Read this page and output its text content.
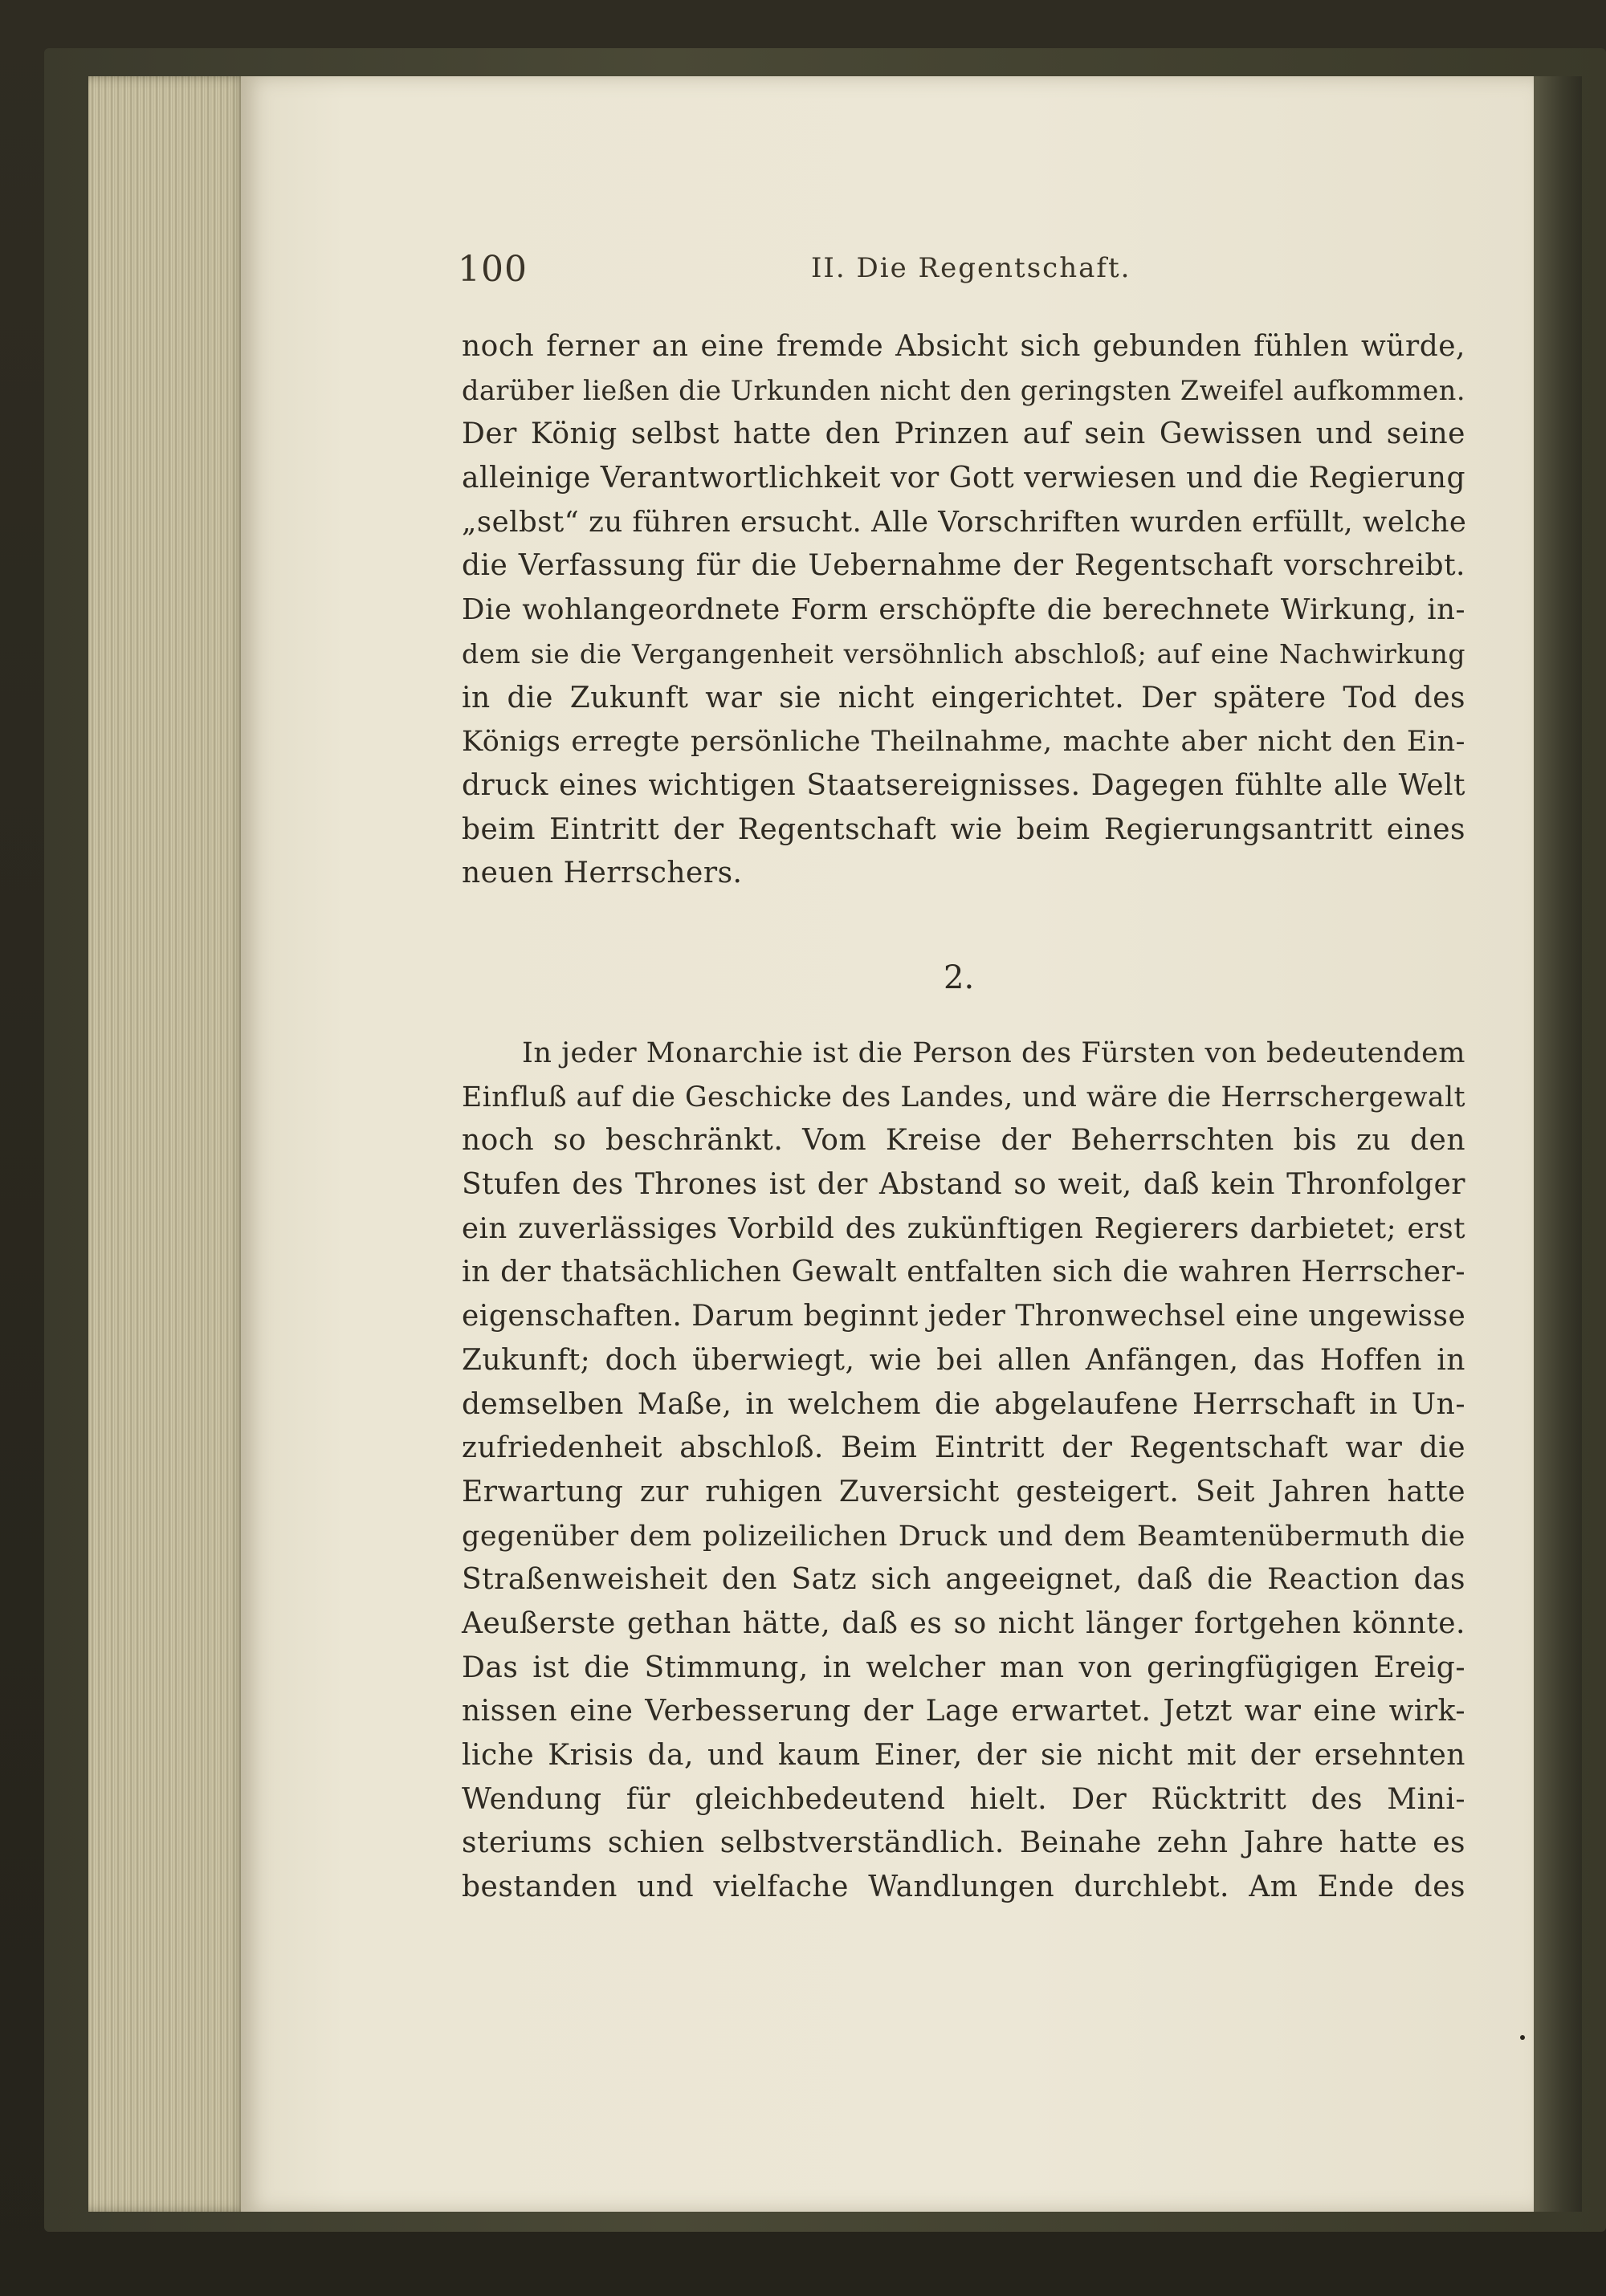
100	II. Die Regentschaft.
noch ferner an eine fremde Absicht sich gebunden fühlen würde,
darüber ließen die Urkunden nicht den geringsten Zweifel aufkommen.
Der König selbst hatte den Prinzen auf sein Gewissen und seine
alleinige Verantwortlichkeit vor Gott verwiesen und die Regierung
„selbst“ zu führen ersucht. Alle Vorschriften wurden erfüllt, welche
die Verfassung für die Uebernahme der Regentschaft vorschreibt.
Die wohlangeordnete Form erschöpfte die berechnete Wirkung, in-
dem sie die Vergangenheit versöhnlich abschloß; auf eine Nachwirkung
in die Zukunft war sie nicht eingerichtet. Der spätere Tod des
Königs erregte persönliche Theilnahme, machte aber nicht den Ein-
druck eines wichtigen Staatsereignisses. Dagegen fühlte alle Welt
beim Eintritt der Regentschaft wie beim Regierungsantritt eines
neuen Herrschers.
2.
In jeder Monarchie ist die Person des Fürsten von bedeutendem
Einfluß auf die Geschicke des Landes, und wäre die Herrschergewalt
noch so beschränkt. Vom Kreise der Beherrschten bis zu den
Stufen des Thrones ist der Abstand so weit, daß kein Thronfolger
ein zuverlässiges Vorbild des zukünftigen Regierers darbietet; erst
in der thatsächlichen Gewalt entfalten sich die wahren Herrscher-
eigenschaften. Darum beginnt jeder Thronwechsel eine ungewisse
Zukunft; doch überwiegt, wie bei allen Anfängen, das Hoffen in
demselben Maße, in welchem die abgelaufene Herrschaft in Un-
zufriedenheit abschloß. Beim Eintritt der Regentschaft war die
Erwartung zur ruhigen Zuversicht gesteigert. Seit Jahren hatte
gegenüber dem polizeilichen Druck und dem Beamtenübermuth die
Straßenweisheit den Satz sich angeeignet, daß die Reaction das
Aeußerste gethan hätte, daß es so nicht länger fortgehen könnte.
Das ist die Stimmung, in welcher man von geringfügigen Ereig-
nissen eine Verbesserung der Lage erwartet. Jetzt war eine wirk-
liche Krisis da, und kaum Einer, der sie nicht mit der ersehnten
Wendung für gleichbedeutend hielt. Der Rücktritt des Mini-
steriums schien selbstverständlich. Beinahe zehn Jahre hatte es
bestanden und vielfache Wandlungen durchlebt. Am Ende des
